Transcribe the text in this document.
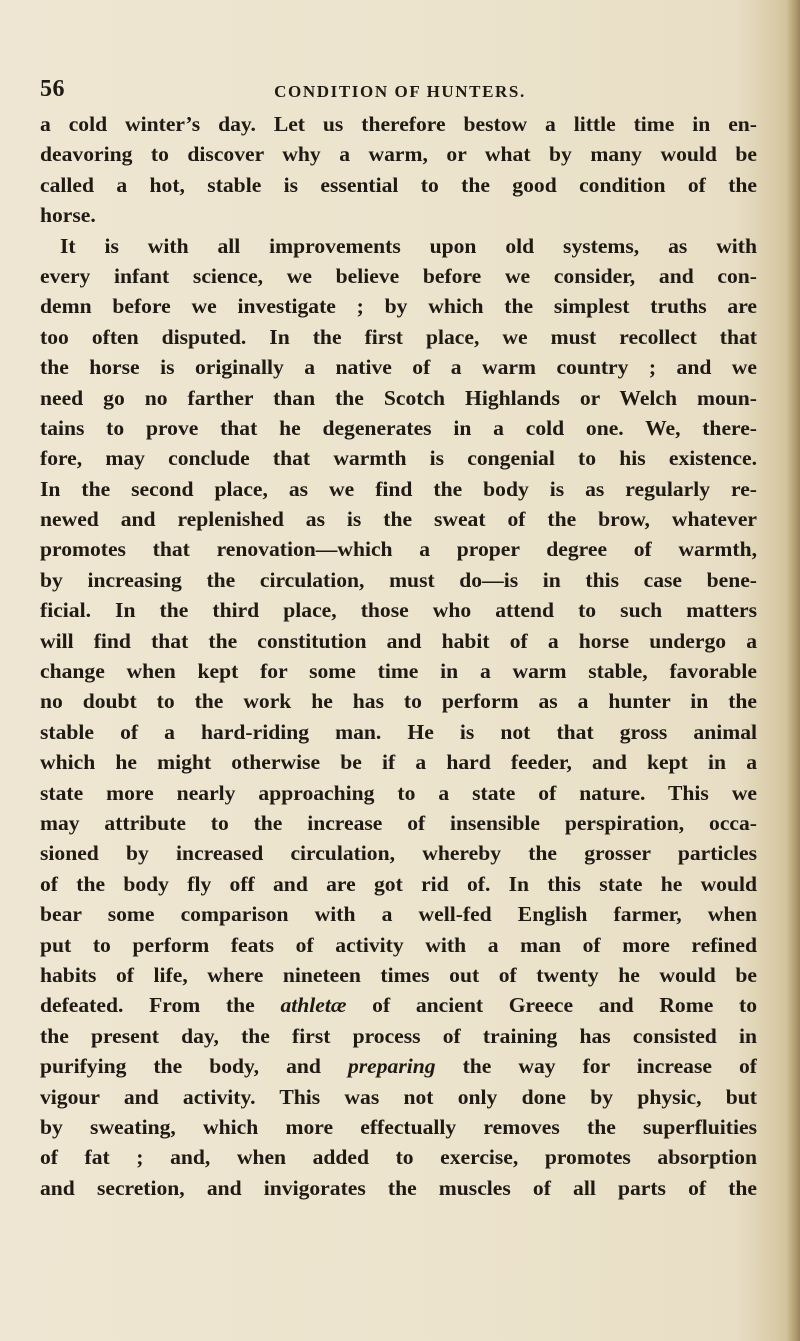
56	CONDITION OF HUNTERS.
a cold winter’s day. Let us therefore bestow a little time in en-
deavoring to discover why a warm, or what by many would be
called a hot, stable is essential to the good condition of the
horse.
It is with all improvements upon old systems, as with
every infant science, we believe before we consider, and con-
demn before we investigate ; by which the simplest truths are
too often disputed. In the first place, we must recollect that
the horse is originally a native of a warm country ; and we
need go no farther than the Scotch Highlands or Welch moun-
tains to prove that he degenerates in a cold one. We, there-
fore, may conclude that warmth is congenial to his existence.
In the second place, as we find the body is as regularly re-
newed and replenished as is the sweat of the brow, whatever
promotes that renovation—which a proper degree of warmth,
by increasing the circulation, must do—is in this case bene-
ficial. In the third place, those who attend to such matters
will find that the constitution and habit of a horse undergo a
change when kept for some time in a warm stable, favorable
no doubt to the work he has to perform as a hunter in the
stable of a hard-riding man. He is not that gross animal
which he might otherwise be if a hard feeder, and kept in a
state more nearly approaching to a state of nature. This we
may attribute to the increase of insensible perspiration, occa-
sioned by increased circulation, whereby the grosser particles
of the body fly off and are got rid of. In this state he would
bear some comparison with a well-fed English farmer, when
put to perform feats of activity with a man of more refined
habits of life, where nineteen times out of twenty he would be
defeated. From the athletæ of ancient Greece and Rome to
the present day, the first process of training has consisted in
purifying the body, and preparing the way for increase of
vigour and activity. This was not only done by physic, but
by sweating, which more effectually removes the superfluities
of fat ; and, when added to exercise, promotes absorption
and secretion, and invigorates the muscles of all parts of the
